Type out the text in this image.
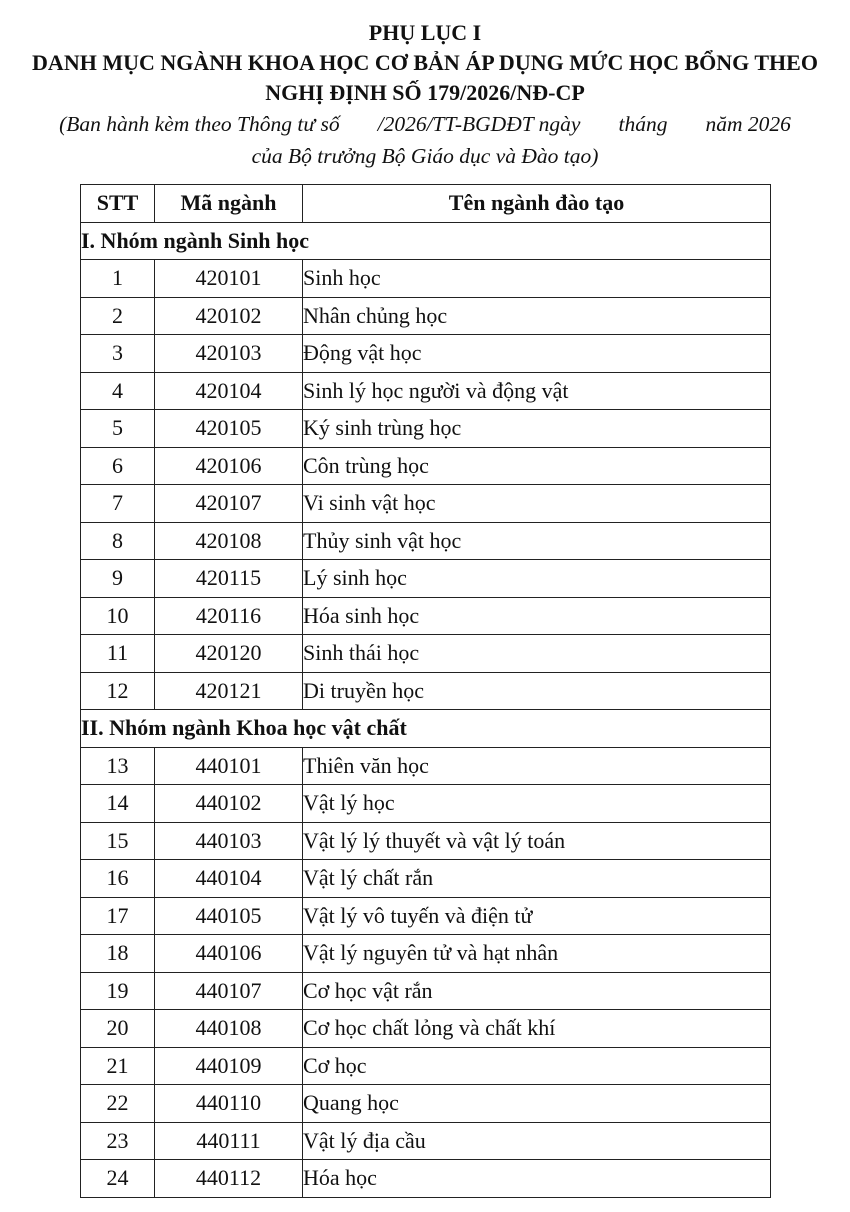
PHỤ LỤC I
DANH MỤC NGÀNH KHOA HỌC CƠ BẢN ÁP DỤNG MỨC HỌC BỔNG THEO
NGHỊ ĐỊNH SỐ 179/2026/NĐ-CP
(Ban hành kèm theo Thông tư số /2026/TT-BGDĐT ngày tháng năm 2026
của Bộ trưởng Bộ Giáo dục và Đào tạo)
STT	Mã ngành	Tên ngành đào tạo
I. Nhóm ngành Sinh học		
1	420101	Sinh học
2	420102	Nhân chủng học
3	420103	Động vật học
4	420104	Sinh lý học người và động vật
5	420105	Ký sinh trùng học
6	420106	Côn trùng học
7	420107	Vi sinh vật học
8	420108	Thủy sinh vật học
9	420115	Lý sinh học
10	420116	Hóa sinh học
11	420120	Sinh thái học
12	420121	Di truyền học
II. Nhóm ngành Khoa học vật chất		
13	440101	Thiên văn học
14	440102	Vật lý học
15	440103	Vật lý lý thuyết và vật lý toán
16	440104	Vật lý chất rắn
17	440105	Vật lý vô tuyến và điện tử
18	440106	Vật lý nguyên tử và hạt nhân
19	440107	Cơ học vật rắn
20	440108	Cơ học chất lỏng và chất khí
21	440109	Cơ học
22	440110	Quang học
23	440111	Vật lý địa cầu
24	440112	Hóa học
